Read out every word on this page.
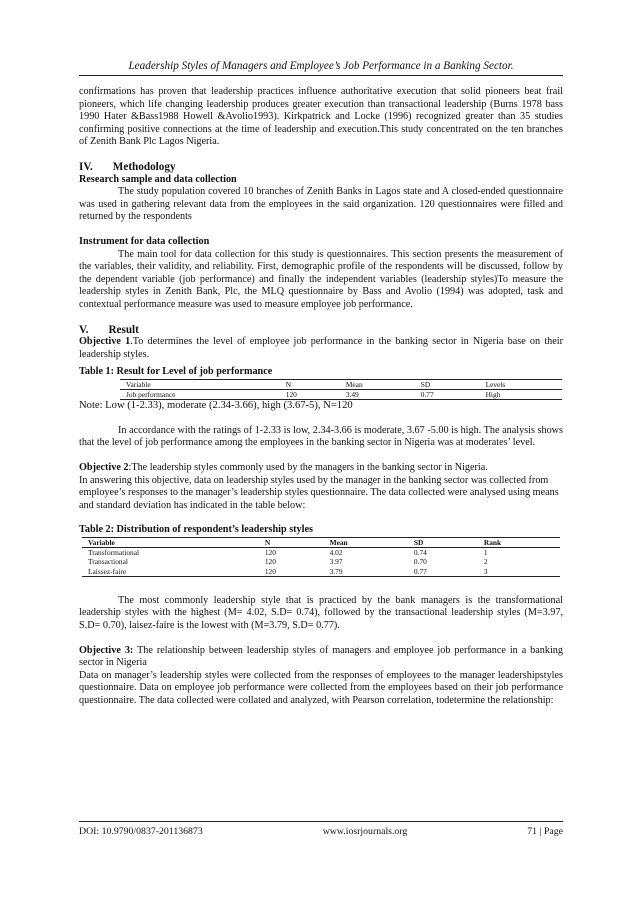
Leadership Styles of Managers and Employee’s Job Performance in a Banking Sector.

confirmations has proven that leadership practices influence authoritative execution that solid pioneers beat frail pioneers, which life changing leadership produces greater execution than transactional leadership (Burns 1978 bass 1990 Hater &Bass1988 Howell &Avolio1993). Kirkpatrick and Locke (1996) recognized greater than 35 studies confirming positive connections at the time of leadership and execution.This study concentrated on the ten branches of Zenith Bank Plc Lagos Nigeria.

IV. Methodology

Research sample and data collection

The study population covered 10 branches of Zenith Banks in Lagos state and A closed-ended questionnaire was used in gathering relevant data from the employees in the said organization. 120 questionnaires were filled and returned by the respondents

Instrument for data collection

The main tool for data collection for this study is questionnaires. This section presents the measurement of the variables, their validity, and reliability. First, demographic profile of the respondents will be discussed, follow by the dependent variable (job performance) and finally the independent variables (leadership styles)To measure the leadership styles in Zenith Bank, Plc, the MLQ questionnaire by Bass and Avolio (1994) was adopted, task and contextual performance measure was used to measure employee job performance.

V. Result

Objective 1.To determines the level of employee job performance in the banking sector in Nigeria base on their leadership styles.

Table 1: Result for Level of job performance

Variable	N	Mean	SD	Levels
Job performance	120	3.49	0.77	High

Note: Low (1-2.33), moderate (2.34-3.66), high (3.67-5), N=120

In accordance with the ratings of 1-2.33 is low, 2.34-3.66 is moderate, 3.67 -5.00 is high. The analysis shows that the level of job performance among the employees in the banking sector in Nigeria was at moderates’ level.

Objective 2:The leadership styles commonly used by the managers in the banking sector in Nigeria.

In answering this objective, data on leadership styles used by the manager in the banking sector was collected from employee’s responses to the manager’s leadership styles questionnaire. The data collected were analysed using means and standard deviation has indicated in the table below:

Table 2: Distribution of respondent’s leadership styles

Variable	N	Mean	SD	Rank
Transformational	120	4.02	0.74	1
Transactional	120	3.97	0.70	2
Laissez-faire	120	3.79	0.77	3

The most commonly leadership style that is practiced by the bank managers is the transformational leadership styles with the highest (M= 4.02, S.D= 0.74), followed by the transactional leadership styles (M=3.97, S.D= 0.70), laisez-faire is the lowest with (M=3.79, S.D= 0.77).

Objective 3: The relationship between leadership styles of managers and employee job performance in a banking sector in Nigeria

Data on manager’s leadership styles were collected from the responses of employees to the manager leadershipstyles questionnaire. Data on employee job performance were collected from the employees based on their job performance questionnaire. The data collected were collated and analyzed, with Pearson correlation, todetermine the relationship:

DOI: 10.9790/0837-201136873	www.iosrjournals.org	71 | Page
